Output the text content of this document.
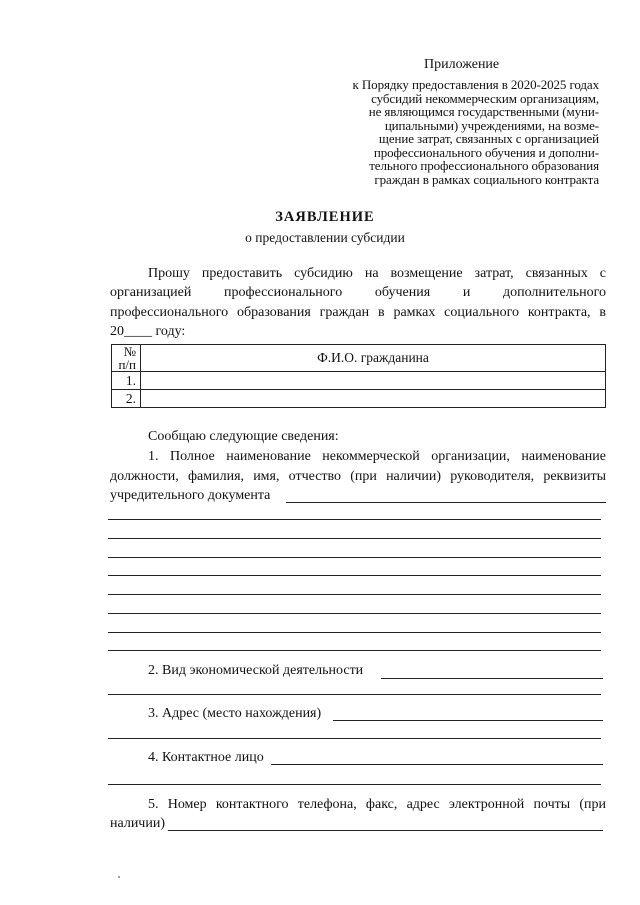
Приложение
к Порядку предоставления в 2020-2025 годах
субсидий некоммерческим организациям,
не являющимся государственными (муни-
ципальными) учреждениями, на возме-
щение затрат, связанных с организацией
профессионального обучения и дополни-
тельного профессионального образования
граждан в рамках социального контракта
ЗАЯВЛЕНИЕ
о предоставлении субсидии
Прошу предоставить субсидию на возмещение затрат, связанных с
организацией профессионального обучения и дополнительного
профессионального образования граждан в рамках социального контракта, в
20____ году:
№
п/п	Ф.И.О. гражданина
1.	
2.	
Сообщаю следующие сведения:
1. Полное наименование некоммерческой организации, наименование
должности, фамилия, имя, отчество (при наличии) руководителя, реквизиты
учредительного документа
2. Вид экономической деятельности
3. Адрес (место нахождения)
4. Контактное лицо
5. Номер контактного телефона, факс, адрес электронной почты (при
наличии)
